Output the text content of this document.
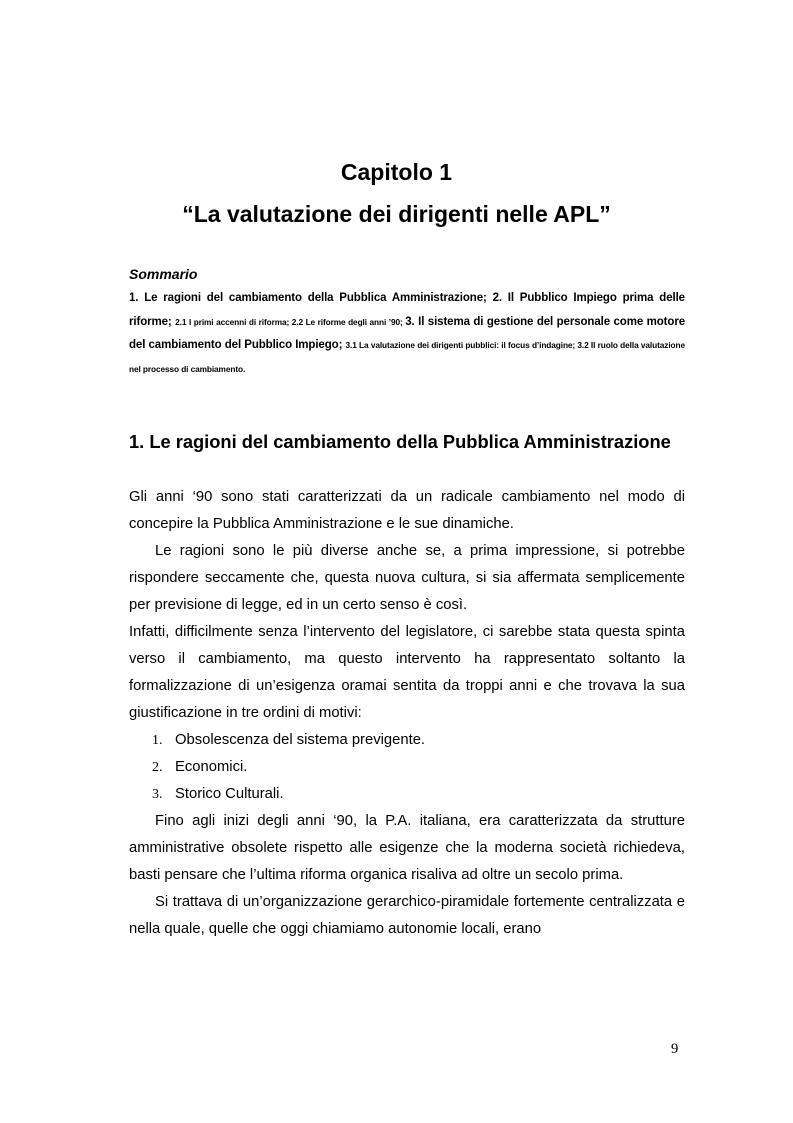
Capitolo 1
“La valutazione dei dirigenti nelle APL”

Sommario

1. Le ragioni del cambiamento della Pubblica Amministrazione; 2. Il Pubblico Impiego prima delle riforme; 2.1 I primi accenni di riforma; 2.2 Le riforme degli anni ’90; 3. Il sistema di gestione del personale come motore del cambiamento del Pubblico Impiego; 3.1 La valutazione dei dirigenti pubblici: il focus d’indagine; 3.2 Il ruolo della valutazione nel processo di cambiamento.

1. Le ragioni del cambiamento della Pubblica Amministrazione

Gli anni ‘90 sono stati caratterizzati da un radicale cambiamento nel modo di concepire la Pubblica Amministrazione e le sue dinamiche.

Le ragioni sono le più diverse anche se, a prima impressione, si potrebbe rispondere seccamente che, questa nuova cultura, si sia affermata semplicemente per previsione di legge, ed in un certo senso è così.

Infatti, difficilmente senza l’intervento del legislatore, ci sarebbe stata questa spinta verso il cambiamento, ma questo intervento ha rappresentato soltanto la formalizzazione di un’esigenza oramai sentita da troppi anni e che trovava la sua giustificazione in tre ordini di motivi:

1. Obsolescenza del sistema previgente.
2. Economici.
3. Storico Culturali.

Fino agli inizi degli anni ‘90, la P.A. italiana, era caratterizzata da strutture amministrative obsolete rispetto alle esigenze che la moderna società richiedeva, basti pensare che l’ultima riforma organica risaliva ad oltre un secolo prima.

Si trattava di un’organizzazione gerarchico-piramidale fortemente centralizzata e nella quale, quelle che oggi chiamiamo autonomie locali, erano

9
